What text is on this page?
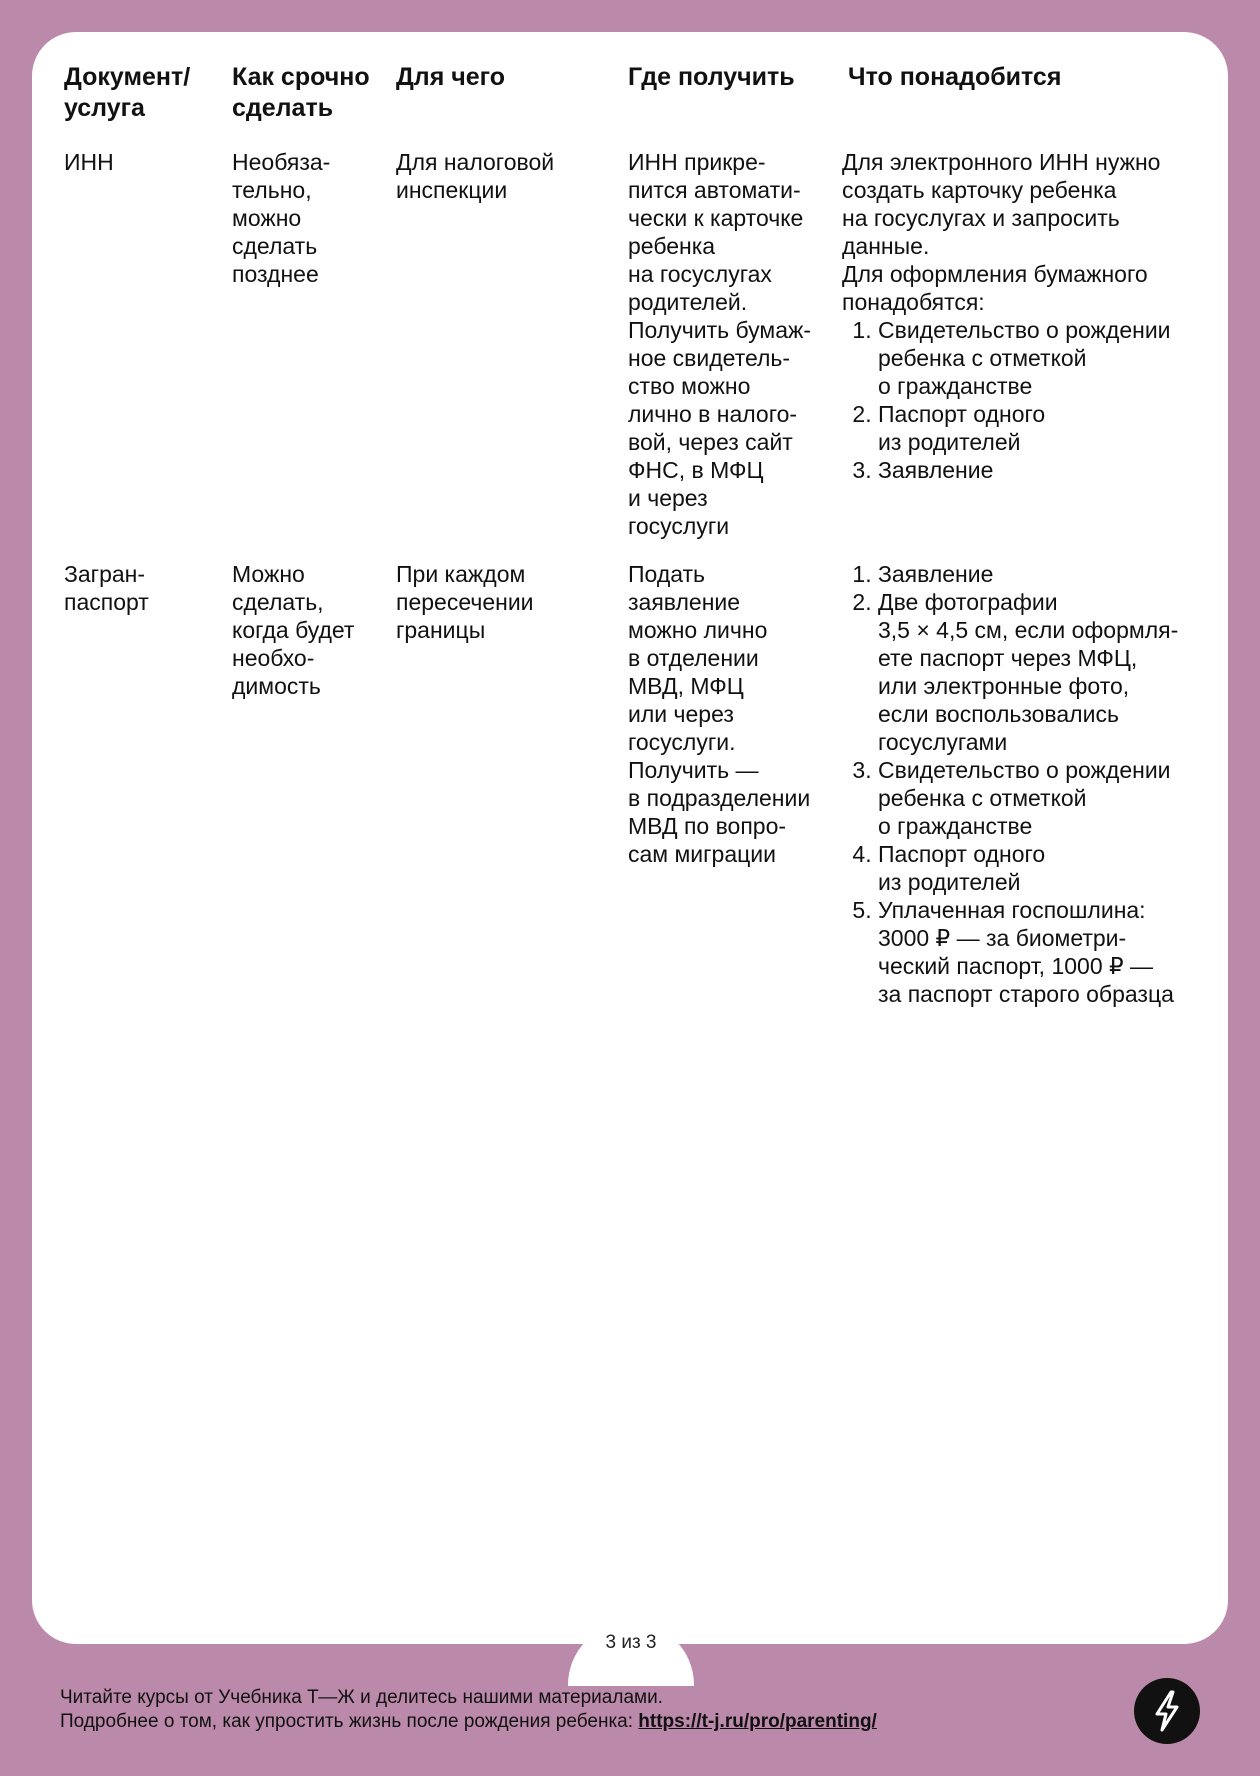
Документ/
услуга
Как срочно
сделать
Для чего	Где получить Что понадобится
ИНН	Необяза-
тельно,
можно
сделать
позднее
Для налоговой
инспекции
ИНН прикре-
пится автомати-
чески к карточке
ребенка
на госуслугах
родителей.
Получить бумаж-
ное свидетель-
ство можно
лично в налого-
вой, через сайт
ФНС, в МФЦ
и через
госуслуги
Для электронного ИНН нужно
создать карточку ребенка
на госуслугах и запросить
данные.
Для оформления бумажного
понадобятся:
1. Свидетельство о рождении
ребенка с отметкой
о гражданстве
2. Паспорт одного
из родителей
3. Заявление
Загран-
паспорт
Можно
сделать,
когда будет
необхо-
димость
При каждом
пересечении
границы
Подать
заявление
можно лично
в отделении
МВД, МФЦ
или через
госуслуги.
Получить —
в подразделении
МВД по вопро-
сам миграции
1. Заявление
2. Две фотографии
3,5 × 4,5 см, если оформля-
ете паспорт через МФЦ,
или электронные фото,
если воспользовались
госуслугами
3. Свидетельство о рождении
ребенка с отметкой
о гражданстве
4. Паспорт одного
из родителей
5. Уплаченная госпошлина:
3000 ₽ — за биометри-
ческий паспорт, 1000 ₽ —
за паспорт старого образца
3 из 3
Читайте курсы от Учебника Т—Ж и делитесь нашими материалами.
Подробнее о том, как упростить жизнь после рождения ребенка: https://t-j.ru/pro/parenting/
